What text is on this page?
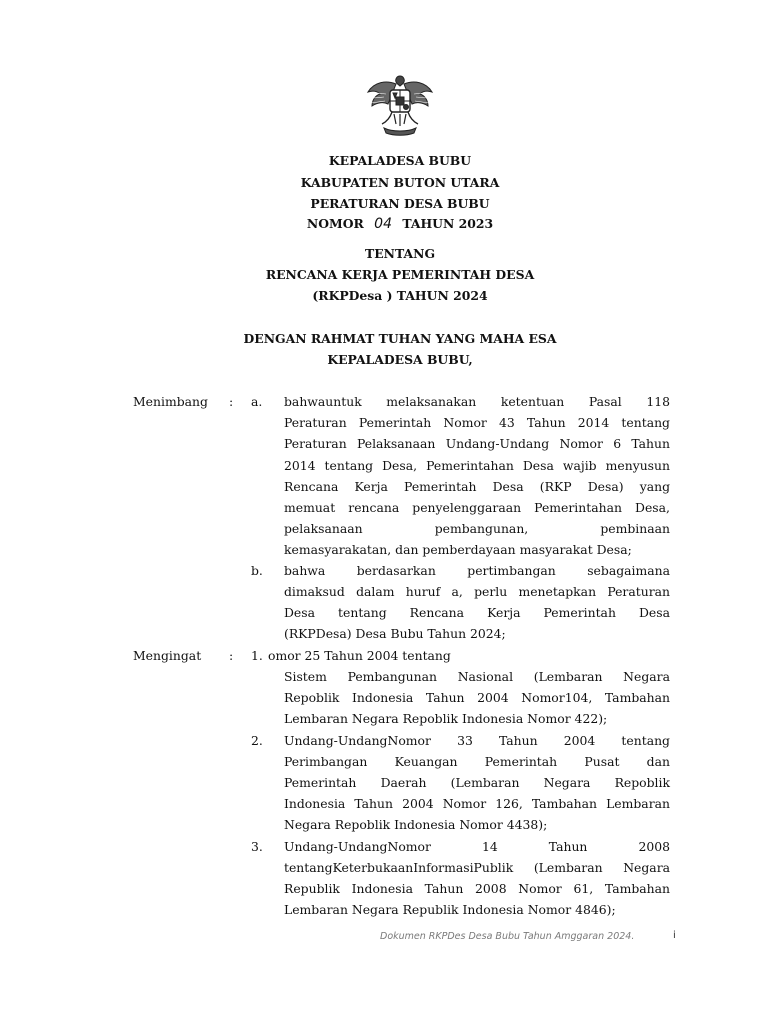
KEPALADESA BUBU
KABUPATEN BUTON UTARA
PERATURAN DESA BUBU
NOMOR 04 TAHUN 2023
TENTANG
RENCANA KERJA PEMERINTAH DESA
(RKPDesa ) TAHUN 2024
DENGAN RAHMAT TUHAN YANG MAHA ESA
KEPALADESA BUBU,
Menimbang : a. bahwauntuk melaksanakan ketentuan Pasal 118
Peraturan Pemerintah Nomor 43 Tahun 2014 tentang
Peraturan Pelaksanaan Undang-Undang Nomor 6 Tahun
2014 tentang Desa, Pemerintahan Desa wajib menyusun
Rencana Kerja Pemerintah Desa (RKP Desa) yang
memuat rencana penyelenggaraan Pemerintahan Desa,
pelaksanaan pembangunan, pembinaan
kemasyarakatan, dan pemberdayaan masyarakat Desa;
b. bahwa berdasarkan pertimbangan sebagaimana
dimaksud dalam huruf a, perlu menetapkan Peraturan
Desa tentang Rencana Kerja Pemerintah Desa
(RKPDesa) Desa Bubu Tahun 2024;
Mengingat : 1. omor 25 Tahun 2004 tentang
Sistem Pembangunan Nasional (Lembaran Negara
Repoblik Indonesia Tahun 2004 Nomor104, Tambahan
Lembaran Negara Repoblik Indonesia Nomor 422);
2. Undang-UndangNomor 33 Tahun 2004 tentang
Perimbangan Keuangan Pemerintah Pusat dan
Pemerintah Daerah (Lembaran Negara Repoblik
Indonesia Tahun 2004 Nomor 126, Tambahan Lembaran
Negara Repoblik Indonesia Nomor 4438);
3. Undang-UndangNomor 14 Tahun 2008
tentangKeterbukaanInformasiPublik (Lembaran Negara
Republik Indonesia Tahun 2008 Nomor 61, Tambahan
Lembaran Negara Republik Indonesia Nomor 4846);
Dokumen RKPDes Desa Bubu Tahun Amggaran 2024.	i
